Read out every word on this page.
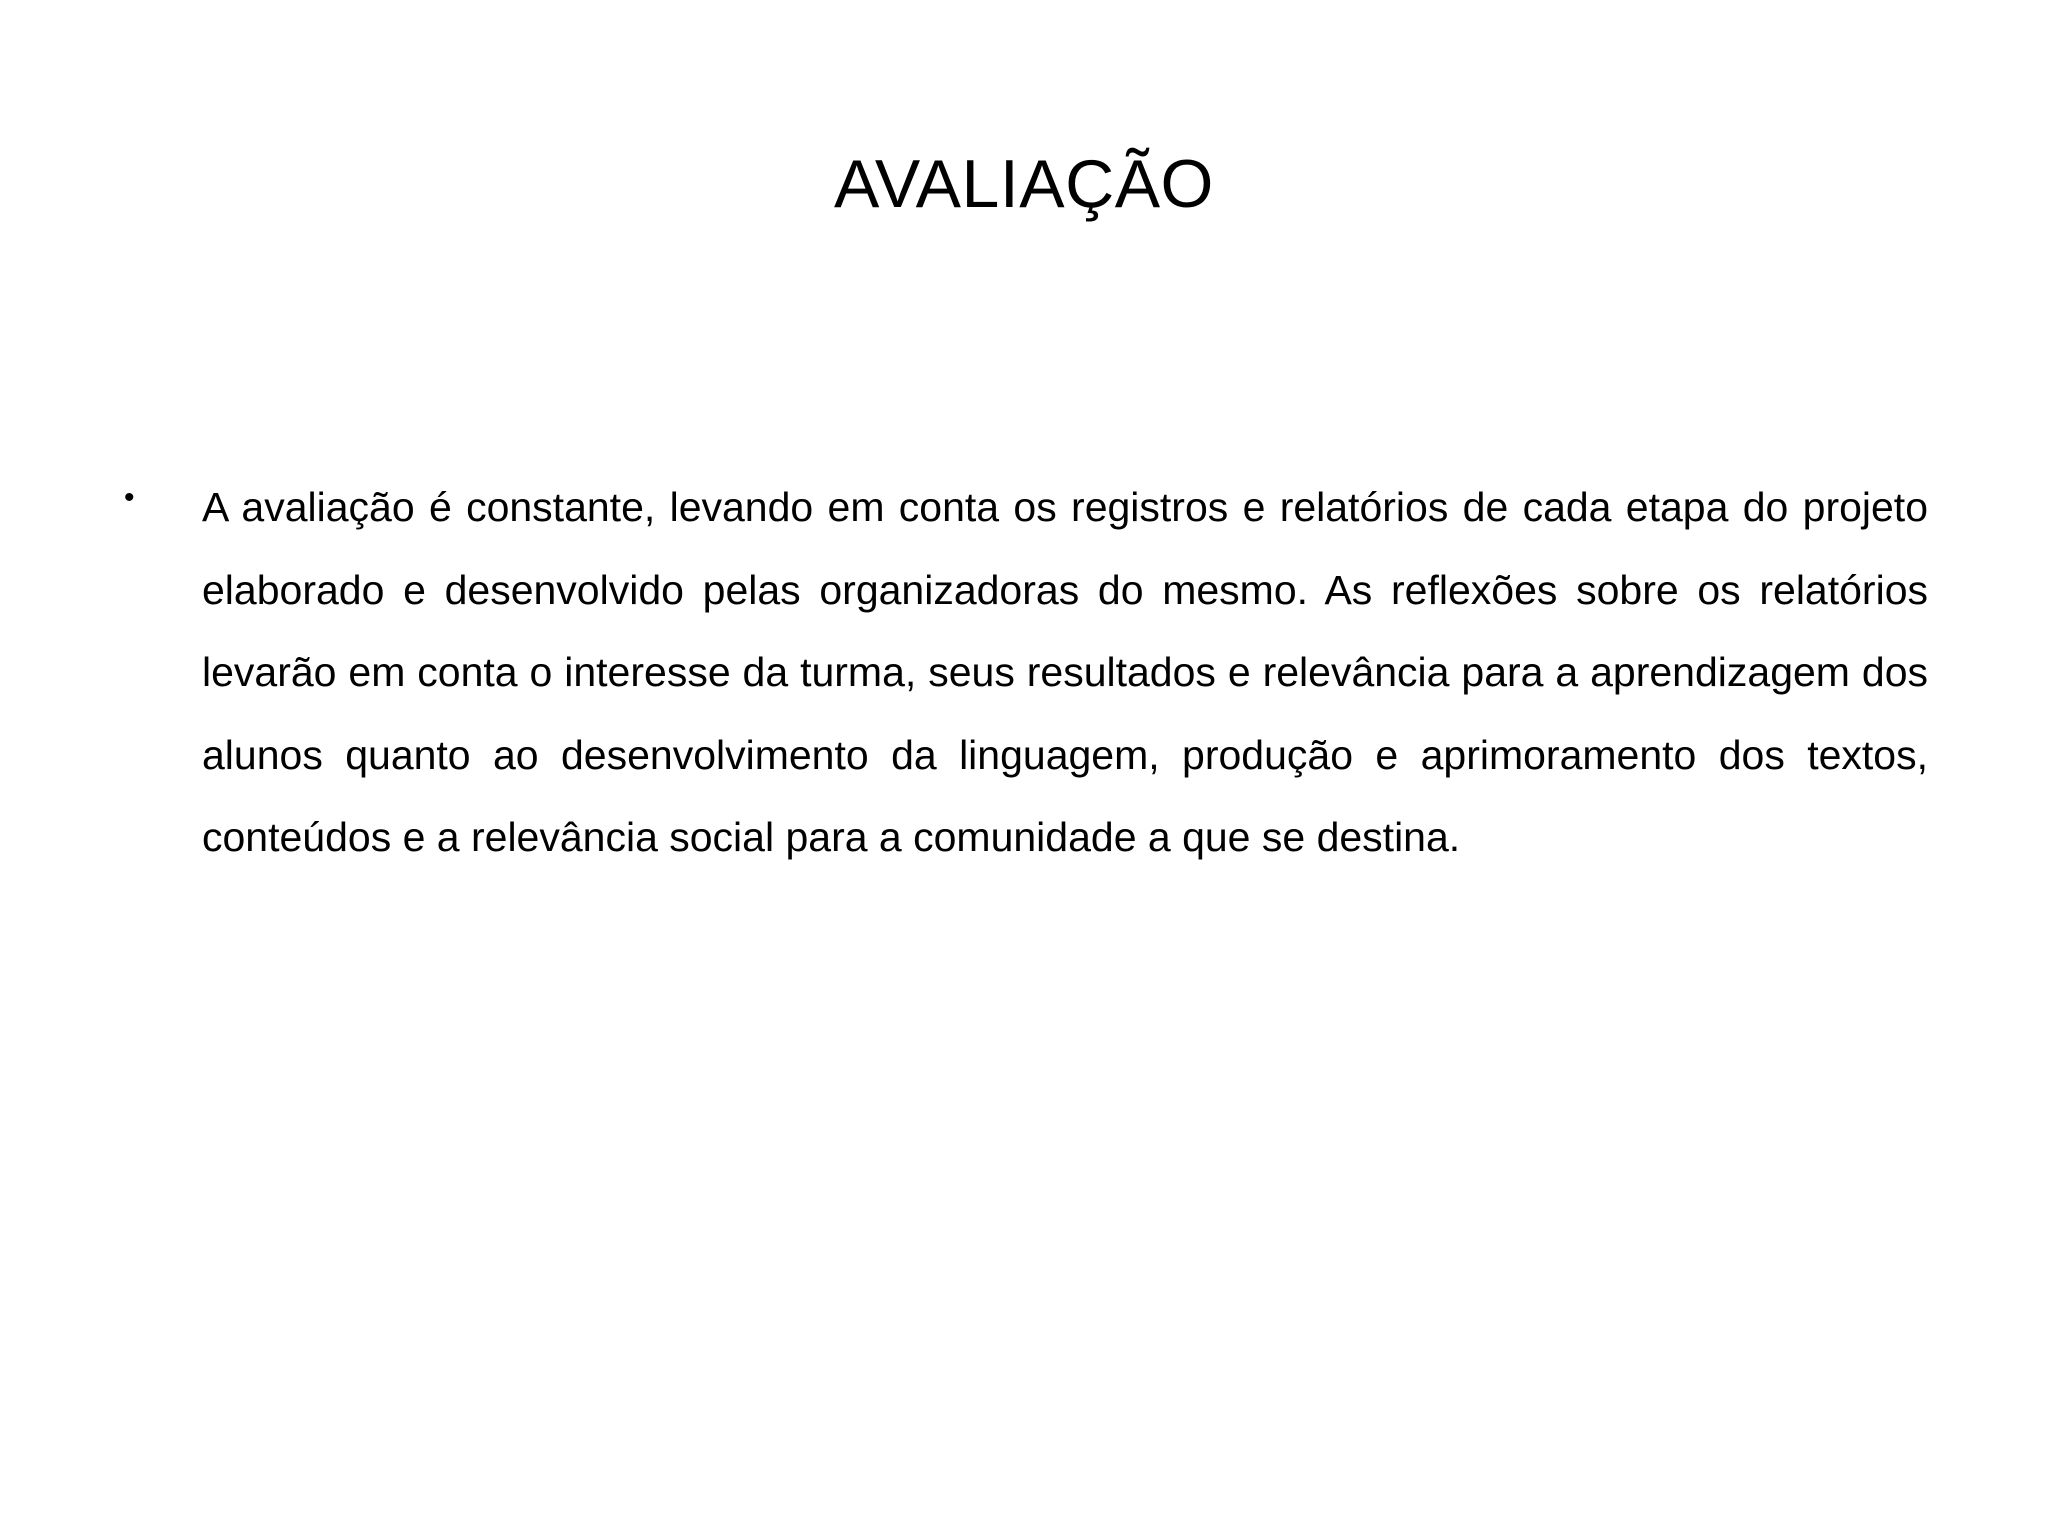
AVALIAÇÃO
• A avaliação é constante, levando em conta os registros e relatórios de cada etapa do projeto elaborado e desenvolvido pelas organizadoras do mesmo. As reflexões sobre os relatórios levarão em conta o interesse da turma, seus resultados e relevância para a aprendizagem dos alunos quanto ao desenvolvimento da linguagem, produção e aprimoramento dos textos, conteúdos e a relevância social para a comunidade a que se destina.
